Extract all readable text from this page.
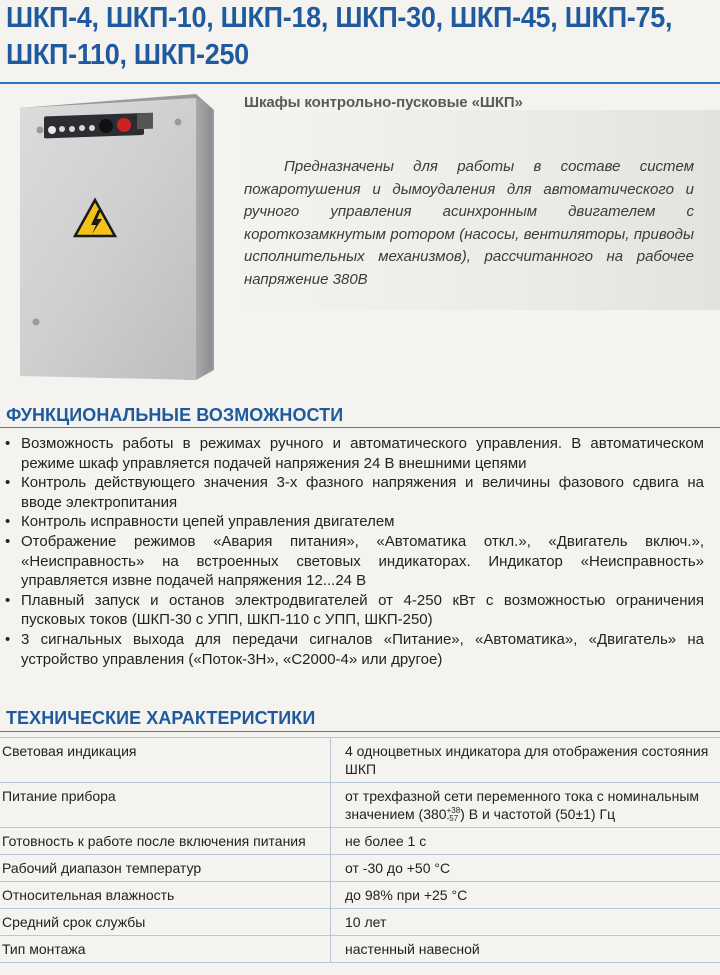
ШКП-4, ШКП-10, ШКП-18, ШКП-30, ШКП-45, ШКП-75,
ШКП-110, ШКП-250
Шкафы контрольно-пусковые «ШКП»
Предназначены для работы в составе систем пожаротушения и дымоудаления для автоматического и ручного управления асинхронным двигателем с короткозамкнутым ротором (насосы, вентиляторы, приводы исполнительных механизмов), рассчитанного на рабочее напряжение 380В
ФУНКЦИОНАЛЬНЫЕ ВОЗМОЖНОСТИ
• Возможность работы в режимах ручного и автоматического управления. В автоматическом режиме шкаф управляется подачей напряжения 24 В внешними цепями
• Контроль действующего значения 3-х фазного напряжения и величины фазового сдвига на вводе электропитания
• Контроль исправности цепей управления двигателем
• Отображение режимов «Авария питания», «Автоматика откл.», «Двигатель включ.», «Неисправность» на встроенных световых индикаторах. Индикатор «Неисправность» управляется извне подачей напряжения 12...24 В
• Плавный запуск и останов электродвигателей от 4-250 кВт с возможностью ограничения пусковых токов (ШКП-30 с УПП, ШКП-110 с УПП, ШКП-250)
• 3 сигнальных выхода для передачи сигналов «Питание», «Автоматика», «Двигатель» на устройство управления («Поток-3Н», «С2000-4» или другое)
ТЕХНИЧЕСКИЕ ХАРАКТЕРИСТИКИ
Световая индикация	4 одноцветных индикатора для отображения состояния ШКП
Питание прибора	от трехфазной сети переменного тока с номинальным значением (380 +38
-57 ) В и частотой (50±1) Гц
Готовность к работе после включения питания	не более 1 с
Рабочий диапазон температур	от -30 до +50 °С
Относительная влажность	до 98% при +25 °С
Средний срок службы	10 лет
Тип монтажа	настенный навесной
